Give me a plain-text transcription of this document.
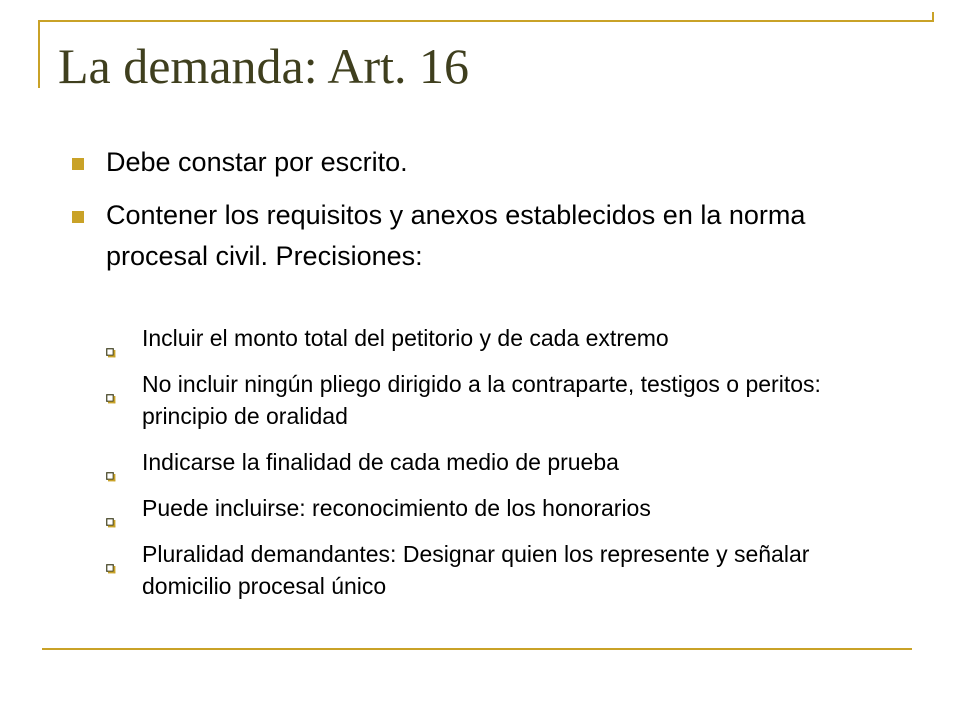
La demanda: Art. 16
Debe constar por escrito.
Contener los requisitos y anexos establecidos en la norma procesal civil. Precisiones:
Incluir el monto total del petitorio y de cada extremo
No incluir ningún pliego dirigido a la contraparte, testigos o peritos: principio de oralidad
Indicarse la finalidad de cada medio de prueba
Puede incluirse: reconocimiento de los honorarios
Pluralidad demandantes: Designar quien los represente y señalar domicilio procesal único
